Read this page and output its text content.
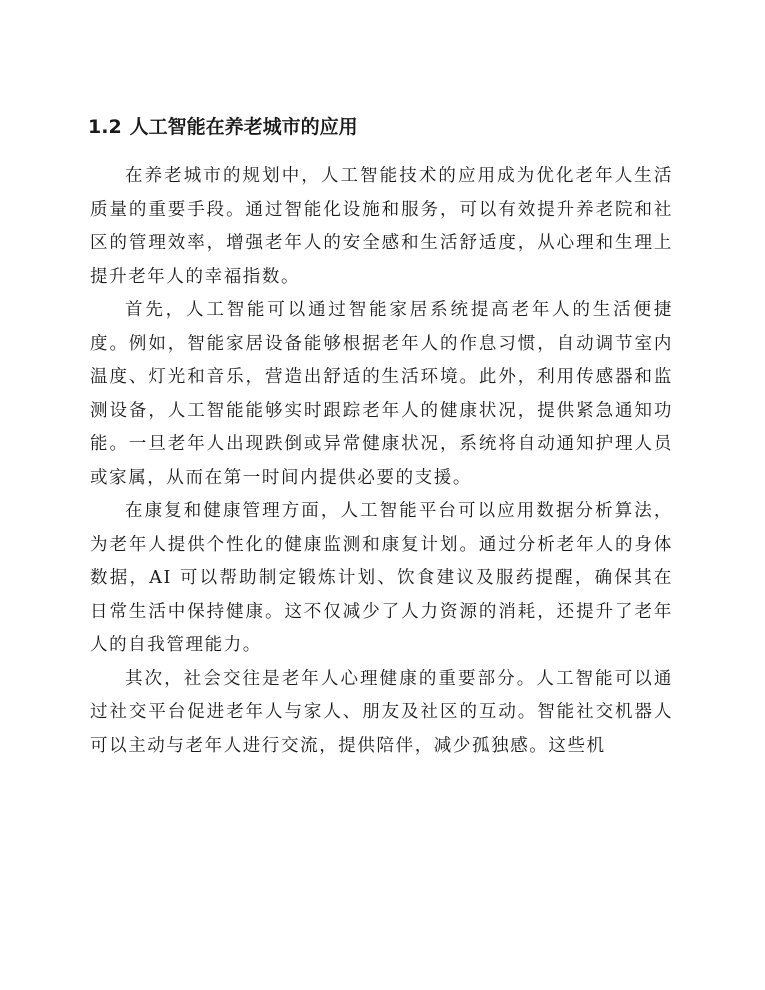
1.2 人工智能在养老城市的应用

在养老城市的规划中，人工智能技术的应用成为优化老年人生活质量的重要手段。通过智能化设施和服务，可以有效提升养老院和社区的管理效率，增强老年人的安全感和生活舒适度，从心理和生理上提升老年人的幸福指数。

首先，人工智能可以通过智能家居系统提高老年人的生活便捷度。例如，智能家居设备能够根据老年人的作息习惯，自动调节室内温度、灯光和音乐，营造出舒适的生活环境。此外，利用传感器和监测设备，人工智能能够实时跟踪老年人的健康状况，提供紧急通知功能。一旦老年人出现跌倒或异常健康状况，系统将自动通知护理人员或家属，从而在第一时间内提供必要的支援。

在康复和健康管理方面，人工智能平台可以应用数据分析算法，为老年人提供个性化的健康监测和康复计划。通过分析老年人的身体数据，AI 可以帮助制定锻炼计划、饮食建议及服药提醒，确保其在日常生活中保持健康。这不仅减少了人力资源的消耗，还提升了老年人的自我管理能力。

其次，社会交往是老年人心理健康的重要部分。人工智能可以通过社交平台促进老年人与家人、朋友及社区的互动。智能社交机器人可以主动与老年人进行交流，提供陪伴，减少孤独感。这些机
